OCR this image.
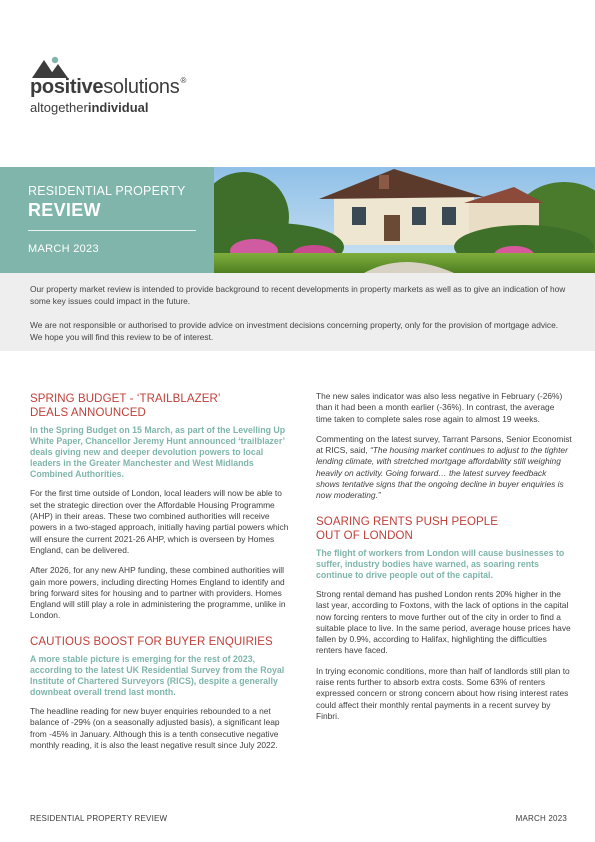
positivesolutions®
altogetherindividual
RESIDENTIAL PROPERTY
REVIEW
MARCH 2023

Our property market review is intended to provide background to recent developments in property markets as well as to give an indication of how some key issues could impact in the future.

We are not responsible or authorised to provide advice on investment decisions concerning property, only for the provision of mortgage advice. We hope you will find this review to be of interest.

SPRING BUDGET - ‘TRAILBLAZER’
DEALS ANNOUNCED

In the Spring Budget on 15 March, as part of the Levelling Up White Paper, Chancellor Jeremy Hunt announced ‘trailblazer’ deals giving new and deeper devolution powers to local leaders in the Greater Manchester and West Midlands Combined Authorities.

For the first time outside of London, local leaders will now be able to set the strategic direction over the Affordable Housing Programme (AHP) in their areas. These two combined authorities will receive powers in a two-staged approach, initially having partial powers which will ensure the current 2021-26 AHP, which is overseen by Homes England, can be delivered.

After 2026, for any new AHP funding, these combined authorities will gain more powers, including directing Homes England to identify and bring forward sites for housing and to partner with providers. Homes England will still play a role in administering the programme, unlike in London.

CAUTIOUS BOOST FOR BUYER ENQUIRIES

A more stable picture is emerging for the rest of 2023, according to the latest UK Residential Survey from the Royal Institute of Chartered Surveyors (RICS), despite a generally downbeat overall trend last month.

The headline reading for new buyer enquiries rebounded to a net balance of -29% (on a seasonally adjusted basis), a significant leap from -45% in January. Although this is a tenth consecutive negative monthly reading, it is also the least negative result since July 2022.

The new sales indicator was also less negative in February (-26%) than it had been a month earlier (-36%). In contrast, the average time taken to complete sales rose again to almost 19 weeks.

Commenting on the latest survey, Tarrant Parsons, Senior Economist at RICS, said, “The housing market continues to adjust to the tighter lending climate, with stretched mortgage affordability still weighing heavily on activity. Going forward… the latest survey feedback shows tentative signs that the ongoing decline in buyer enquiries is now moderating.”

SOARING RENTS PUSH PEOPLE
OUT OF LONDON

The flight of workers from London will cause businesses to suffer, industry bodies have warned, as soaring rents continue to drive people out of the capital.

Strong rental demand has pushed London rents 20% higher in the last year, according to Foxtons, with the lack of options in the capital now forcing renters to move further out of the city in order to find a suitable place to live. In the same period, average house prices have fallen by 0.9%, according to Halifax, highlighting the difficulties renters have faced.

In trying economic conditions, more than half of landlords still plan to raise rents further to absorb extra costs. Some 63% of renters expressed concern or strong concern about how rising interest rates could affect their monthly rental payments in a recent survey by Finbri.

RESIDENTIAL PROPERTY REVIEW	MARCH 2023
